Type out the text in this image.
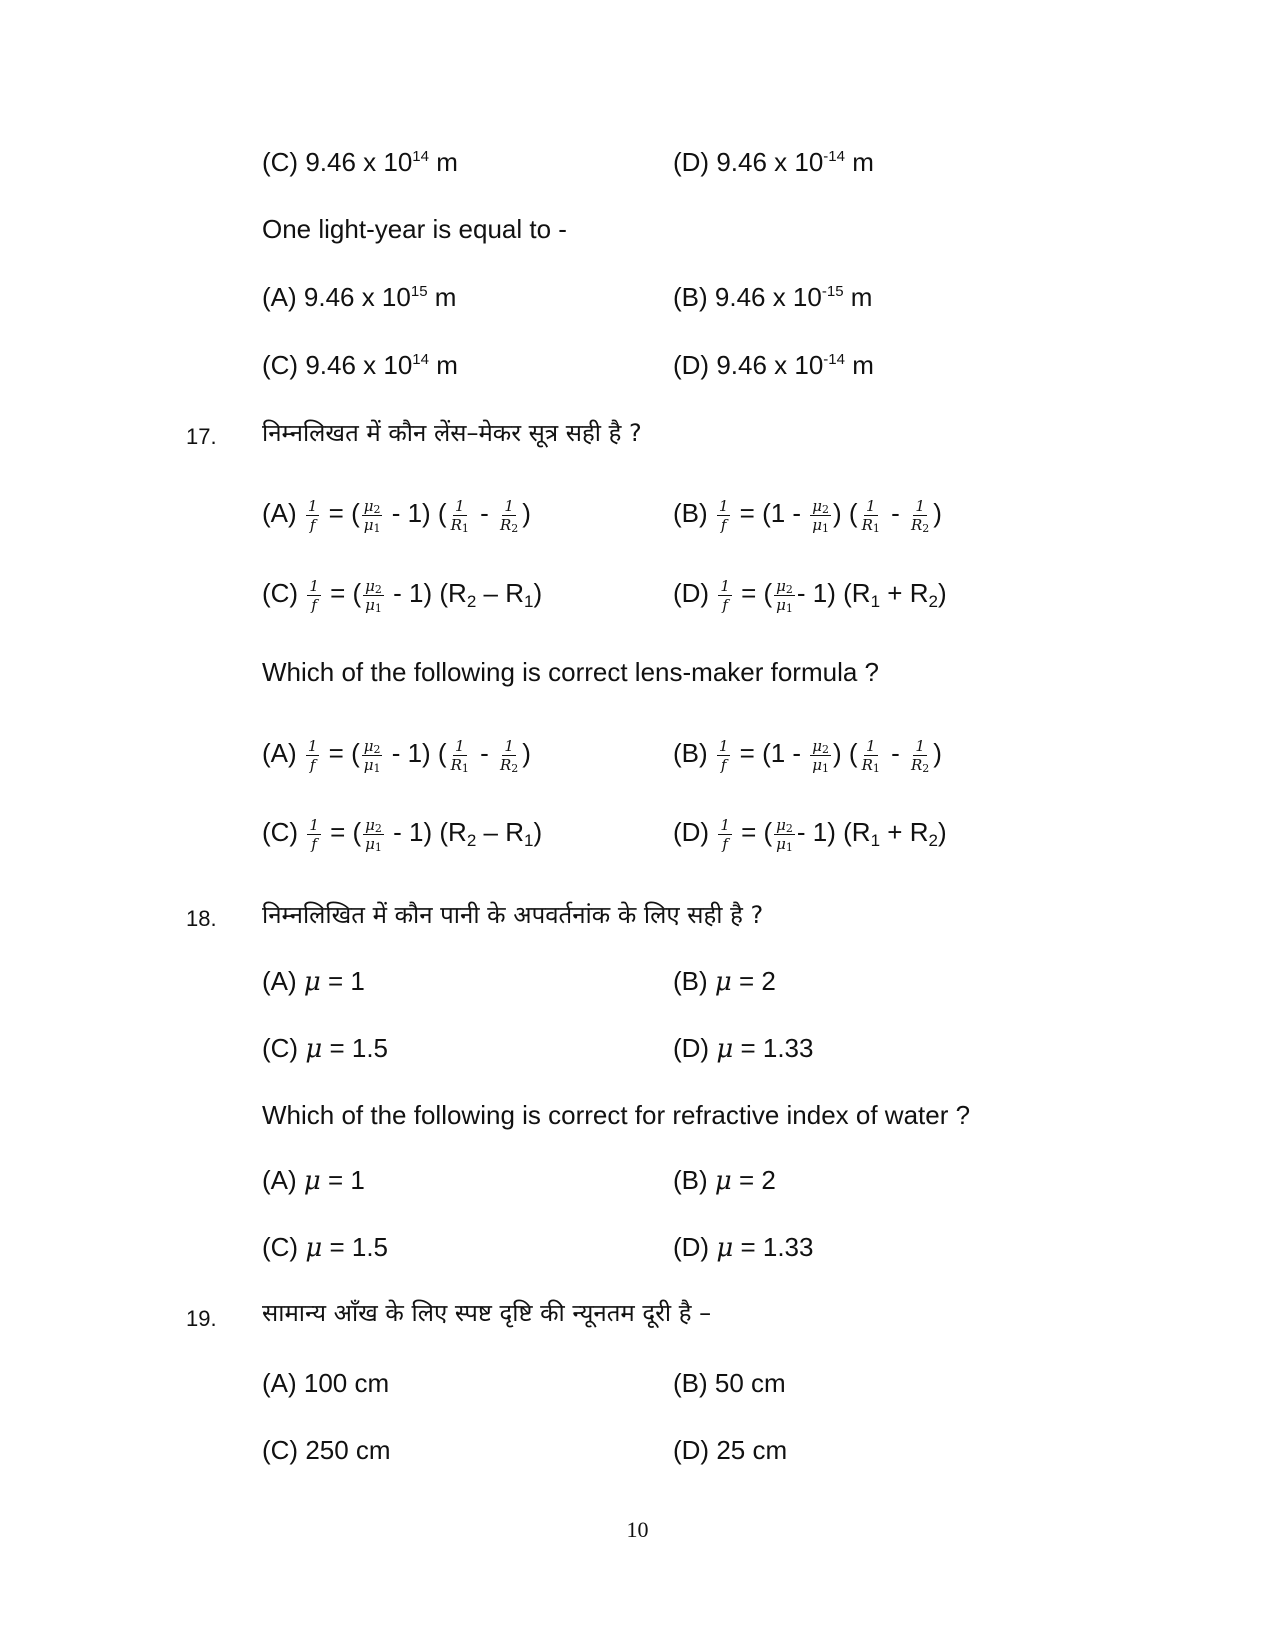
(C) 9.46 x $10^{14}$ m	(D) 9.46 x $10^{-14}$ m
One light-year is equal to -
(A) 9.46 x $10^{15}$ m	(B) 9.46 x $10^{-15}$ m
(C) 9.46 x $10^{14}$ m	(D) 9.46 x $10^{-14}$ m
17. निम्नलिखत में कौन लेंस–मेकर सूत्र सही है ?
$(A) \frac{1}{f}$ = ( $\frac{\mu_2}{\mu_1} - 1$) ( $\frac{1}{R_1} - \frac{1}{R_2}$ )	$(B) \frac{1}{f} = (1 - \frac{\mu_2}{\mu_1}$ ) ( $\frac{1}{R_1} - \frac{1}{R_2}$ )
$(C) \frac{1}{f}$ = ( $\frac{\mu_2}{\mu_1} - 1$) $(R_2 - R_1)$	$(D) \frac{1}{f}$ = ( $\frac{\mu_2}{\mu_1} - 1$) $(R_1 + R_2)$
Which of the following is correct lens-maker formula ?
$(A) \frac{1}{f}$ = ( $\frac{\mu_2}{\mu_1} - 1$) ( $\frac{1}{R_1} - \frac{1}{R_2}$ )	$(B) \frac{1}{f} = (1 - \frac{\mu_2}{\mu_1}$ ) ( $\frac{1}{R_1} - \frac{1}{R_2}$ )
$(C) \frac{1}{f}$ = ( $\frac{\mu_2}{\mu_1} - 1$) $(R_2 - R_1)$	$(D) \frac{1}{f}$ = ( $\frac{\mu_2}{\mu_1} - 1$) $(R_1 + R_2)$
18. निम्नलिखित में कौन पानी के अपवर्तनांक के लिए सही है ?
(A) μ = 1	(B) μ = 2
(C) μ = 1.5	(D) μ = 1.33
Which of the following is correct for refractive index of water ?
(A) μ = 1	(B) μ = 2
(C) μ = 1.5	(D) μ = 1.33
19. सामान्य आँख के लिए स्पष्ट दृष्टि की न्यूनतम दूरी है –
(A) 100 cm	(B) 50 cm
(C) 250 cm	(D) 25 cm
10
